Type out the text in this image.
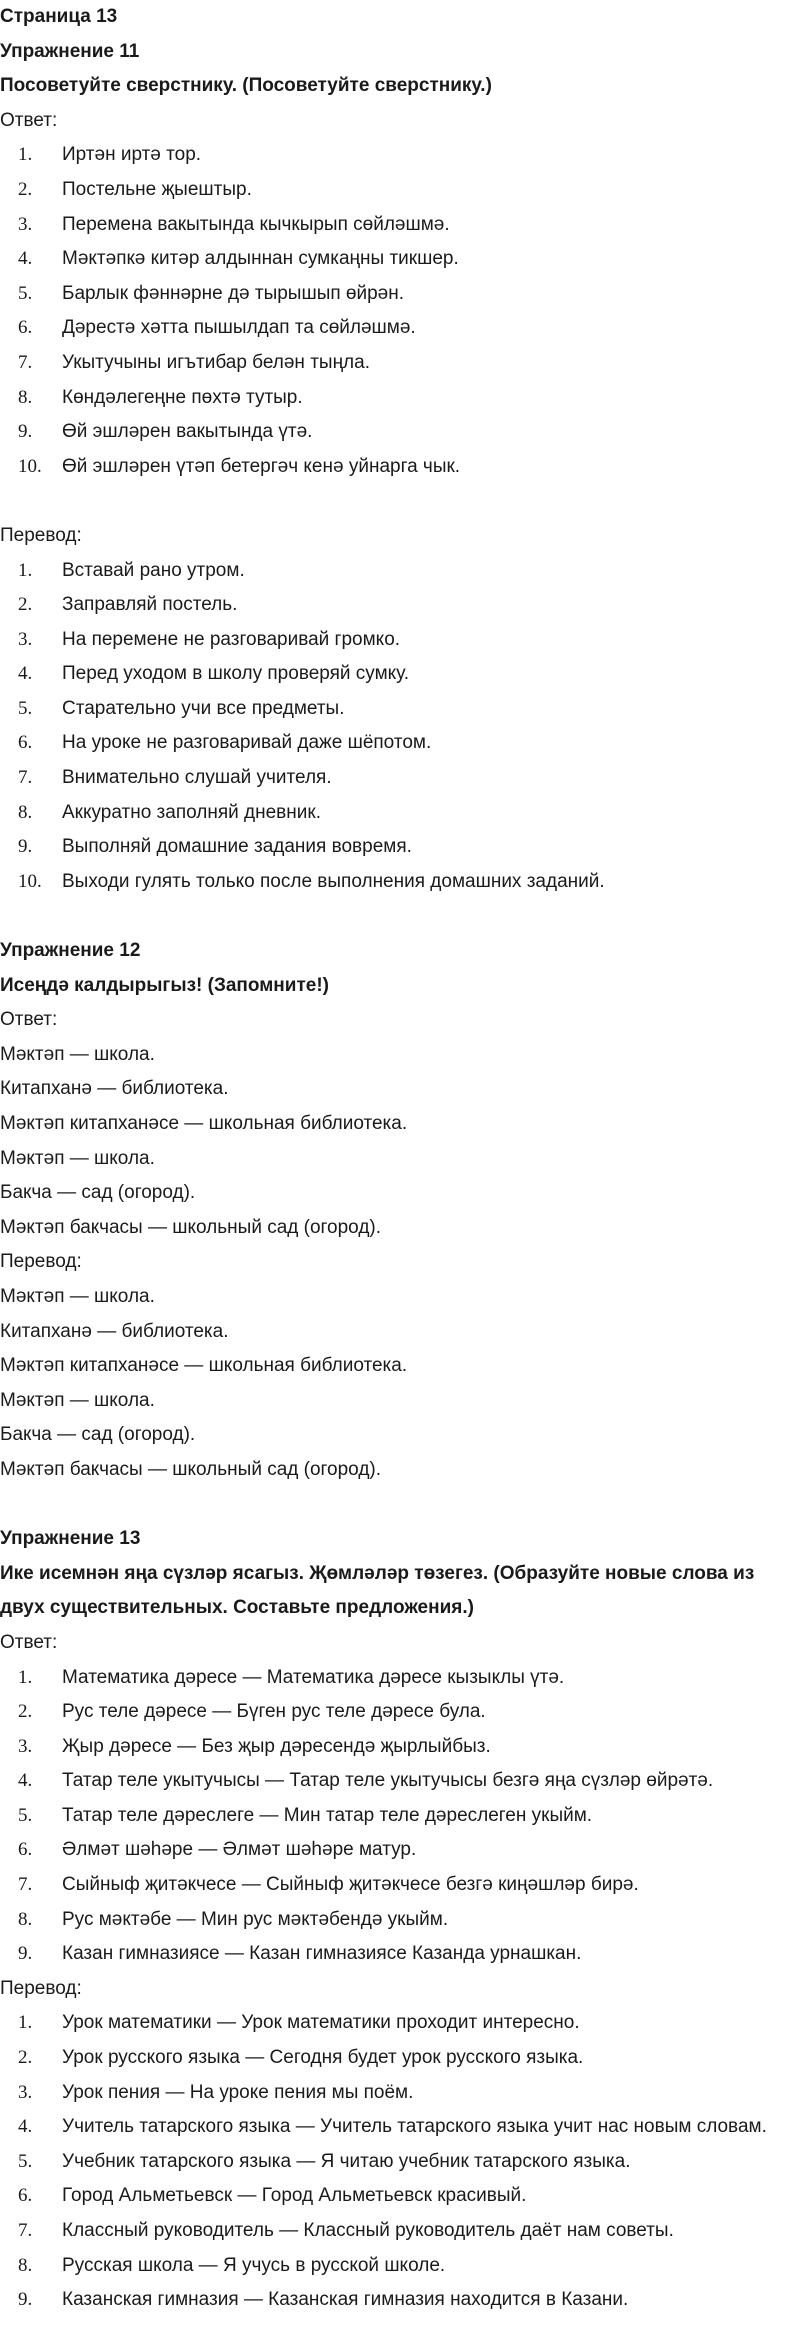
Страница 13

Упражнение 11

Посоветуйте сверстнику. (Посоветуйте сверстнику.)

Ответ:

1.	Иртән иртә тор.
2.	Постельне җыештыр.
3.	Перемена вакытында кычкырып сөйләшмә.
4.	Мәктәпкә китәр алдыннан сумкаңны тикшер.
5.	Барлык фәннәрне дә тырышып өйрән.
6.	Дәрестә хәтта пышылдап та сөйләшмә.
7.	Укытучыны игътибар белән тыңла.
8.	Көндәлегеңне пөхтә тутыр.
9.	Өй эшләрен вакытында үтә.
10.	Өй эшләрен үтәп бетергәч кенә уйнарга чык.

Перевод:

1.	Вставай рано утром.
2.	Заправляй постель.
3.	На перемене не разговаривай громко.
4.	Перед уходом в школу проверяй сумку.
5.	Старательно учи все предметы.
6.	На уроке не разговаривай даже шёпотом.
7.	Внимательно слушай учителя.
8.	Аккуратно заполняй дневник.
9.	Выполняй домашние задания вовремя.
10.	Выходи гулять только после выполнения домашних заданий.

Упражнение 12

Исеңдә калдырыгыз! (Запомните!)

Ответ:

Мәктәп — школа.

Китапханә — библиотека.

Мәктәп китапханәсе — школьная библиотека.

Мәктәп — школа.

Бакча — сад (огород).

Мәктәп бакчасы — школьный сад (огород).

Перевод:

Мәктәп — школа.

Китапханә — библиотека.

Мәктәп китапханәсе — школьная библиотека.

Мәктәп — школа.

Бакча — сад (огород).

Мәктәп бакчасы — школьный сад (огород).

Упражнение 13

Ике исемнән яңа сүзләр ясагыз. Җөмләләр төзегез. (Образуйте новые слова из двух существительных. Составьте предложения.)

Ответ:

1.	Математика дәресе — Математика дәресе кызыклы үтә.
2.	Рус теле дәресе — Бүген рус теле дәресе була.
3.	Җыр дәресе — Без җыр дәресендә җырлыйбыз.
4.	Татар теле укытучысы — Татар теле укытучысы безгә яңа сүзләр өйрәтә.
5.	Татар теле дәреслеге — Мин татар теле дәреслеген укыйм.
6.	Әлмәт шәһәре — Әлмәт шәһәре матур.
7.	Сыйныф җитәкчесе — Сыйныф җитәкчесе безгә киңәшләр бирә.
8.	Рус мәктәбе — Мин рус мәктәбендә укыйм.
9.	Казан гимназиясе — Казан гимназиясе Казанда урнашкан.

Перевод:

1.	Урок математики — Урок математики проходит интересно.
2.	Урок русского языка — Сегодня будет урок русского языка.
3.	Урок пения — На уроке пения мы поём.
4.	Учитель татарского языка — Учитель татарского языка учит нас новым словам.
5.	Учебник татарского языка — Я читаю учебник татарского языка.
6.	Город Альметьевск — Город Альметьевск красивый.
7.	Классный руководитель — Классный руководитель даёт нам советы.
8.	Русская школа — Я учусь в русской школе.
9.	Казанская гимназия — Казанская гимназия находится в Казани.
